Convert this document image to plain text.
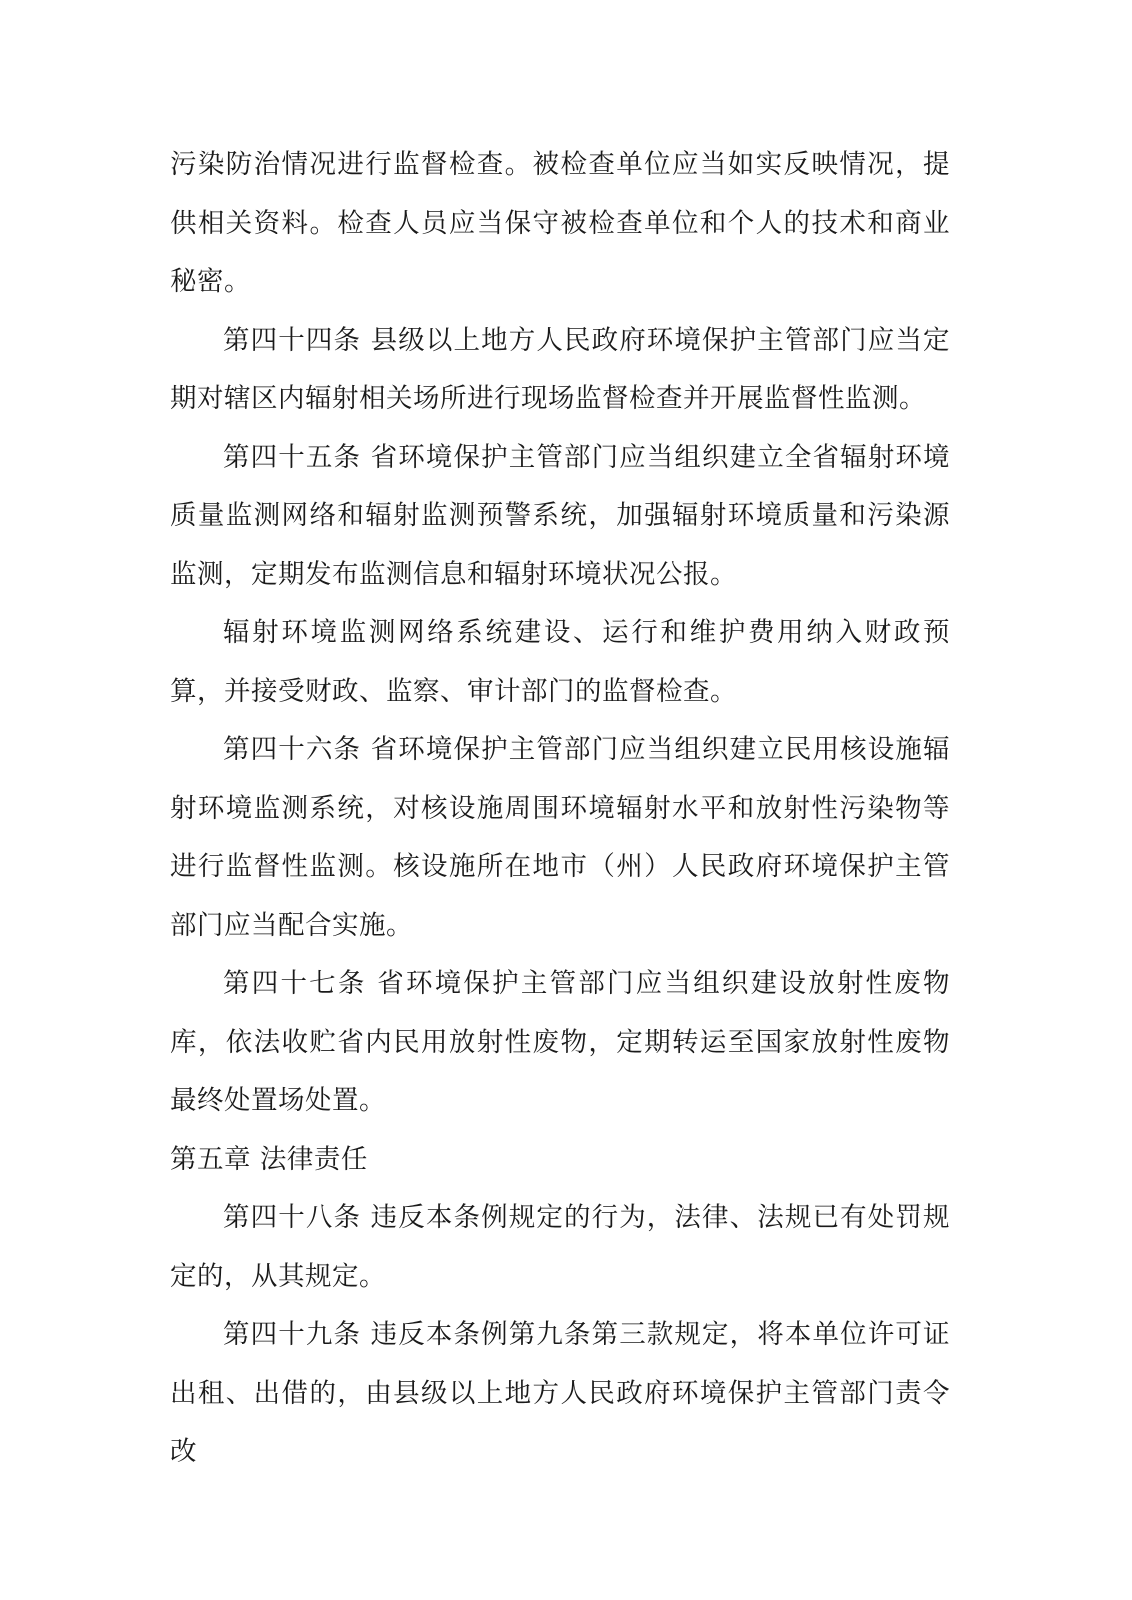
污染防治情况进行监督检查。被检查单位应当如实反映情况，提供相关资料。检查人员应当保守被检查单位和个人的技术和商业秘密。

第四十四条 县级以上地方人民政府环境保护主管部门应当定期对辖区内辐射相关场所进行现场监督检查并开展监督性监测。

第四十五条 省环境保护主管部门应当组织建立全省辐射环境质量监测网络和辐射监测预警系统，加强辐射环境质量和污染源监测，定期发布监测信息和辐射环境状况公报。

辐射环境监测网络系统建设、运行和维护费用纳入财政预算，并接受财政、监察、审计部门的监督检查。

第四十六条 省环境保护主管部门应当组织建立民用核设施辐射环境监测系统，对核设施周围环境辐射水平和放射性污染物等进行监督性监测。核设施所在地市（州）人民政府环境保护主管部门应当配合实施。

第四十七条 省环境保护主管部门应当组织建设放射性废物库，依法收贮省内民用放射性废物，定期转运至国家放射性废物最终处置场处置。

第五章 法律责任

第四十八条 违反本条例规定的行为，法律、法规已有处罚规定的，从其规定。

第四十九条 违反本条例第九条第三款规定，将本单位许可证出租、出借的，由县级以上地方人民政府环境保护主管部门责令改
